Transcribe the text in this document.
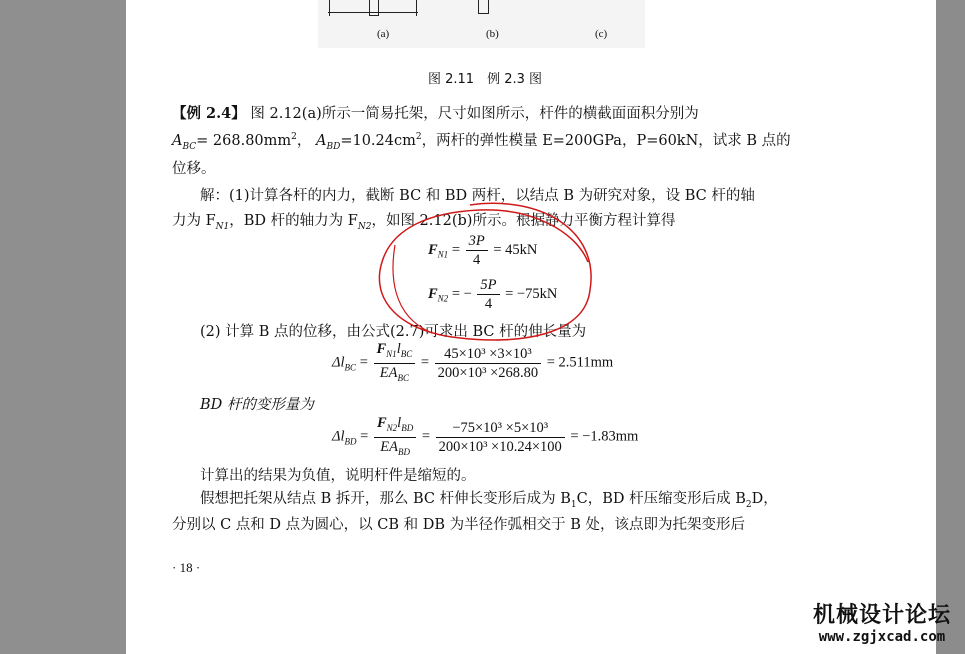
(a)	(b)	(c)
图 2.11　例 2.3 图
【例 2.4】 图 2.12(a)所示一简易托架，尺寸如图所示，杆件的横截面面积分别为
$A_{BC}= 268.80mm^2$， $A_{BD}=10.24cm^2$，两杆的弹性模量 E=200GPa，P=60kN，试求 B 点的
位移。
解：(1)计算各杆的内力，截断 BC 和 BD 两杆，以结点 B 为研究对象，设 BC 杆的轴
力为 $F_{N1}$，BD 杆的轴力为 $F_{N2}$，如图 2.12(b)所示。根据静力平衡方程计算得
$F_{N1} = \frac{3P}{4} = 45kN$
$F_{N2}$ = − $\frac{5P}{4} = -75kN$
(2) 计算 B 点的位移，由公式(2.7)可求出 BC 杆的伸长量为
$\Delta l_{BC} = \frac{F_{N1}l_{BC}}{EA_{BC}} = \frac{\text{45×10³ ×3×10³}}{\text{200×10³ ×268.80}} = 2.511mm$
BD 杆的变形量为
$\Delta l_{BD} = \frac{F_{N2}l_{BD}}{EA_{BD}} = \frac{\text{−75×10³ ×5×10³}}{\text{200×10³ ×10.24×100}} = -1.83mm$
计算出的结果为负值，说明杆件是缩短的。
假想把托架从结点 B 拆开，那么 BC 杆伸长变形后成为 $B_1C$，BD 杆压缩变形后成 $B_2D$，
分别以 C 点和 D 点为圆心，以 CB 和 DB 为半径作弧相交于 B 处，该点即为托架变形后
· 18 ·
机械设计论坛
www.zgjxcad.com
